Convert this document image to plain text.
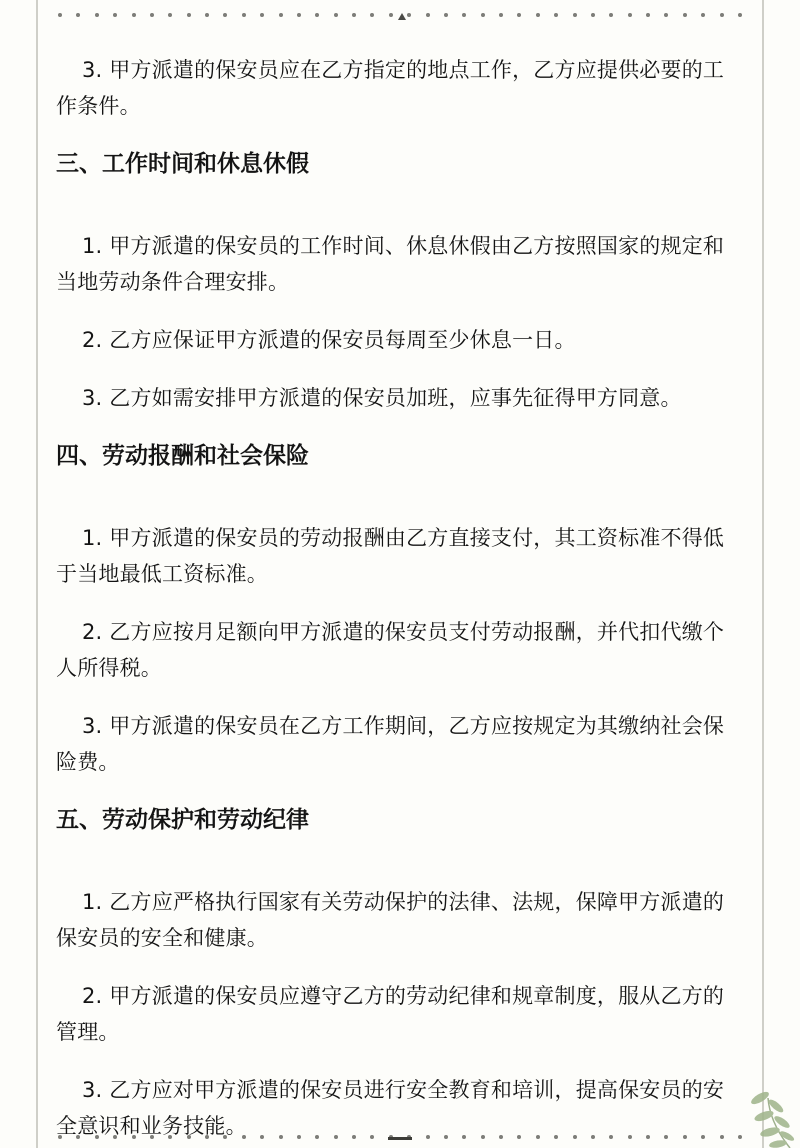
3. 甲方派遣的保安员应在乙方指定的地点工作，乙方应提供必要的工作条件。

三、工作时间和休息休假

1. 甲方派遣的保安员的工作时间、休息休假由乙方按照国家的规定和当地劳动条件合理安排。

2. 乙方应保证甲方派遣的保安员每周至少休息一日。

3. 乙方如需安排甲方派遣的保安员加班，应事先征得甲方同意。

四、劳动报酬和社会保险

1. 甲方派遣的保安员的劳动报酬由乙方直接支付，其工资标准不得低于当地最低工资标准。

2. 乙方应按月足额向甲方派遣的保安员支付劳动报酬，并代扣代缴个人所得税。

3. 甲方派遣的保安员在乙方工作期间，乙方应按规定为其缴纳社会保险费。

五、劳动保护和劳动纪律

1. 乙方应严格执行国家有关劳动保护的法律、法规，保障甲方派遣的保安员的安全和健康。

2. 甲方派遣的保安员应遵守乙方的劳动纪律和规章制度，服从乙方的管理。

3. 乙方应对甲方派遣的保安员进行安全教育和培训，提高保安员的安全意识和业务技能。
